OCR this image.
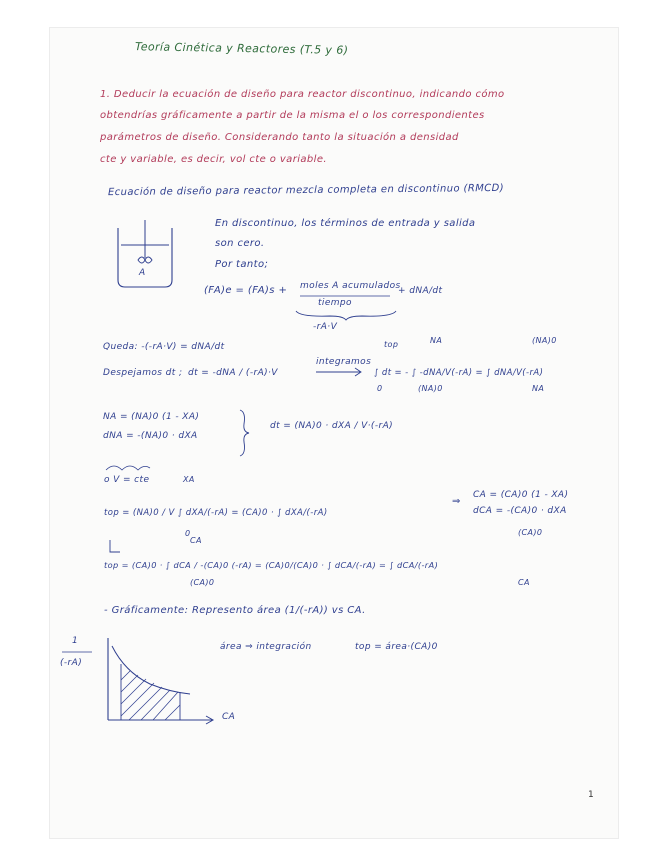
Teoría Cinética y Reactores (T.5 y 6)
1. Deducir la ecuación de diseño para reactor discontinuo, indicando cómo
obtendrías gráficamente a partir de la misma el o los correspondientes
parámetros de diseño. Considerando tanto la situación a densidad
cte y variable, es decir, vol cte o variable.
Ecuación de diseño para reactor mezcla completa en discontinuo (RMCD)
En discontinuo, los términos de entrada y salida
son cero.
Por tanto;
A
(FA)e = (FA)s + moles A acumulados
tiempo
+ dNA/dt
-rA·V
Queda: -(-rA·V) = dNA/dt
Despejamos dt ; dt = -dNA / (-rA)·V
integramos
∫ dt = - ∫ -dNA/V(-rA) = ∫ dNA/V(-rA)
top
0
NA
(NA)0
(NA)0
NA
NA = (NA)0 (1 - XA)
dNA = -(NA)0 · dXA
dt = (NA)0 · dXA / V·(-rA)
o V = cte
top = (NA)0 / V ∫ dXA/(-rA) = (CA)0 · ∫ dXA/(-rA)
XA
0
⇒
CA = (CA)0 (1 - XA)
dCA = -(CA)0 · dXA
top = (CA)0 · ∫ dCA / -(CA)0 (-rA) = (CA)0/(CA)0 · ∫ dCA/(-rA) = ∫ dCA/(-rA)
CA
(CA)0
(CA)0
CA
- Gráficamente: Represento área (1/(-rA)) vs CA.
área ⇒ integración	top = área·(CA)0
1
(-rA)
CA
1
